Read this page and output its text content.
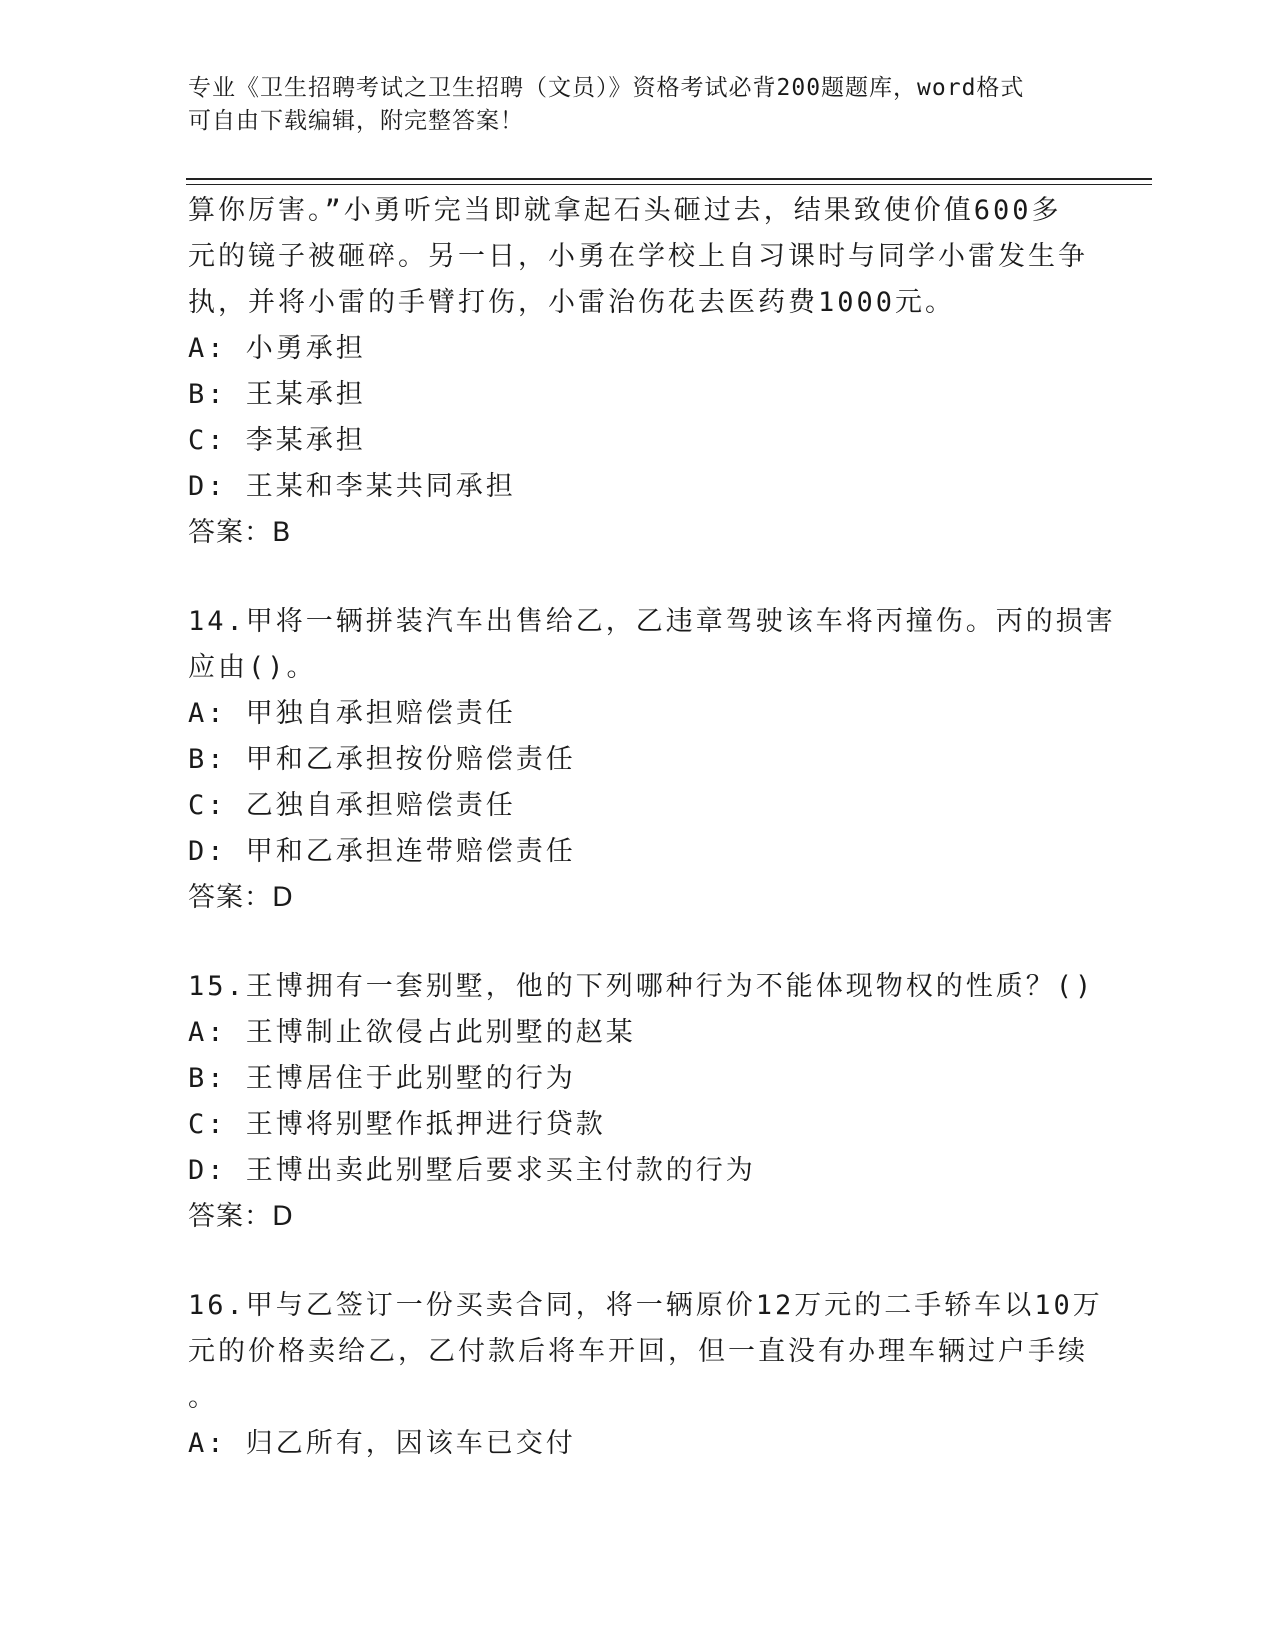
专业《卫生招聘考试之卫生招聘（文员）》资格考试必背200题题库，word格式
可自由下载编辑，附完整答案！
算你厉害。”小勇听完当即就拿起石头砸过去，结果致使价值600多
元的镜子被砸碎。另一日，小勇在学校上自习课时与同学小雷发生争
执，并将小雷的手臂打伤，小雷治伤花去医药费1000元。
A: 小勇承担
B: 王某承担
C: 李某承担
D: 王某和李某共同承担
答案：B
14.甲将一辆拼装汽车出售给乙，乙违章驾驶该车将丙撞伤。丙的损害
应由()。
A: 甲独自承担赔偿责任
B: 甲和乙承担按份赔偿责任
C: 乙独自承担赔偿责任
D: 甲和乙承担连带赔偿责任
答案：D
15.王博拥有一套别墅，他的下列哪种行为不能体现物权的性质？()
A: 王博制止欲侵占此别墅的赵某
B: 王博居住于此别墅的行为
C: 王博将别墅作抵押进行贷款
D: 王博出卖此别墅后要求买主付款的行为
答案：D
16.甲与乙签订一份买卖合同，将一辆原价12万元的二手轿车以10万
元的价格卖给乙，乙付款后将车开回，但一直没有办理车辆过户手续
。
A: 归乙所有，因该车已交付
